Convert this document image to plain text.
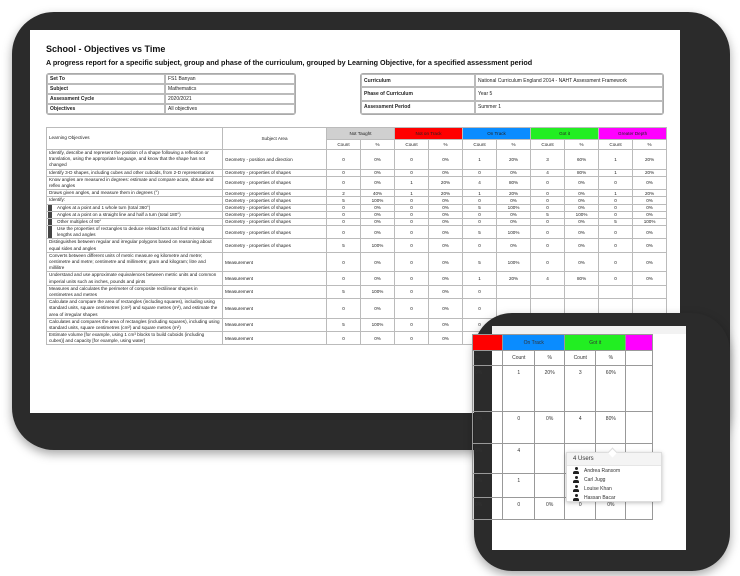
School - Objectives vs Time
A progress report for a specific subject, group and phase of the curriculum, grouped by Learning Objective, for a specified assessment period
Set To	FS1 Banyan
Subject	Mathematics
Assessment Cycle	2020/2021
Objectives	All objectives
Curriculum	National Curriculum England 2014 - NAHT Assessment Framework
Phase of Curriculum	Year 5
Assessment Period	Summer 1
Learning Objectives	Subject Area	Not Taught		Not on Track		On Track		Got it		Greater Depth	
		Count	%	Count	%	Count	%	Count	%	Count	%
Identify, describe and represent the position of a shape following a reflection or translation, using the appropriate language, and know that the shape has not changed	Geometry - position and direction	0	0%	0	0%	1	20%	3	60%	1	20%
Identify 3-D shapes, including cubes and other cuboids, from 2-D representations	Geometry - properties of shapes	0	0%	0	0%	0	0%	4	80%	1	20%
Know angles are measured in degrees: estimate and compare acute, obtuse and reflex angles	Geometry - properties of shapes	0	0%	1	20%	4	80%	0	0%	0	0%
Draws given angles, and measure them in degrees (°)	Geometry - properties of shapes	2	40%	1	20%	1	20%	0	0%	1	20%
Identify:	Geometry - properties of shapes	5	100%	0	0%	0	0%	0	0%	0	0%
Angles at a point and 1 whole turn (total 360°)	Geometry - properties of shapes	0	0%	0	0%	5	100%	0	0%	0	0%
Angles at a point on a straight line and half a turn (total 180°)	Geometry - properties of shapes	0	0%	0	0%	0	0%	5	100%	0	0%
Other multiples of 90°	Geometry - properties of shapes	0	0%	0	0%	0	0%	0	0%	5	100%
Use the properties of rectangles to deduce related facts and find missing lengths and angles	Geometry - properties of shapes	0	0%	0	0%	5	100%	0	0%	0	0%
Distinguishes between regular and irregular polygons based on reasoning about equal sides and angles	Geometry - properties of shapes	5	100%	0	0%	0	0%	0	0%	0	0%
Converts between different units of metric measure eg kilometre and metre; centimetre and metre; centimetre and millimetre; gram and kilogram; litre and millilitre	Measurement	0	0%	0	0%	5	100%	0	0%	0	0%
Understand and use approximate equivalences between metric units and common imperial units such as inches, pounds and pints	Measurement	0	0%	0	0%	1	20%	4	80%	0	0%
Measures and calculates the perimeter of composite rectilinear shapes in centimetres and metres	Measurement	5	100%	0	0%	0					
Calculate and compare the area of rectangles (including squares), including using standard units, square centimetres (cm²) and square metres (m²), and estimate the area of irregular shapes	Measurement	0	0%	0	0%	0					
Calculates and compares the area of rectangles (including squares), including using standard units, square centimetres (cm²) and square metres (m²)	Measurement	5	100%	0	0%	0					
Estimate volume [for example, using 1 cm³ blocks to build cuboids (including cubes)] and capacity [for example, using water]	Measurement	0	0%	0	0%						
	On Track		Got it		
%	Count	%	Count	%	
0%	1	20%	3	60%	
0%	0	0%	4	80%	
0%	4				
0%	1				
0%	0	0%	0	0%	
4 Users
Andrea Ransom
Carl Jugg
Louise Khan
Hassan Bacar
